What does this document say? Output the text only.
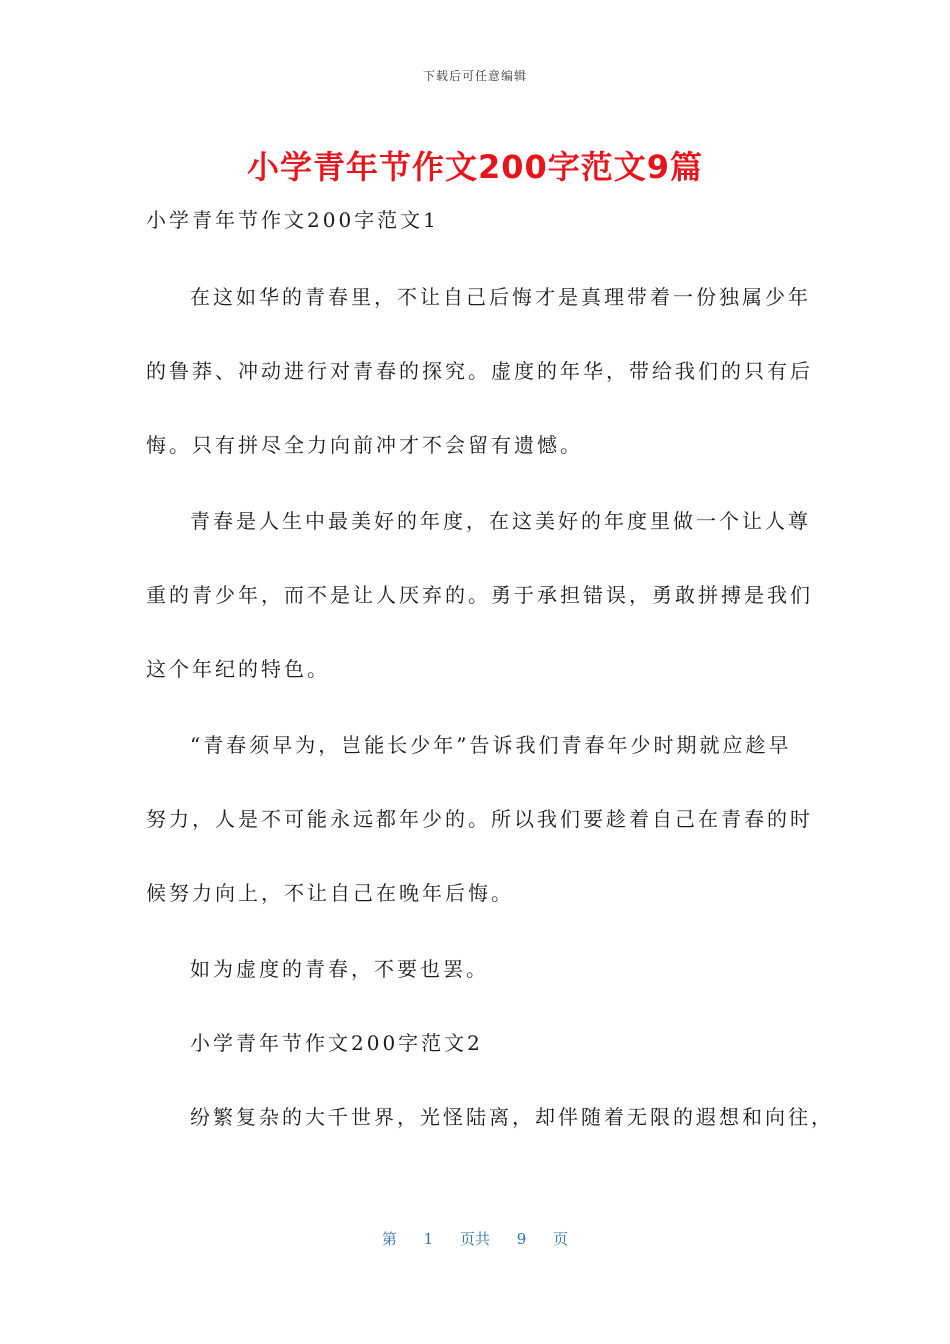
下载后可任意编辑
小学青年节作文200字范文9篇
小学青年节作文200字范文1
在这如华的青春里，不让自己后悔才是真理带着一份独属少年
的鲁莽、冲动进行对青春的探究。虚度的年华，带给我们的只有后
悔。只有拼尽全力向前冲才不会留有遗憾。
青春是人生中最美好的年度，在这美好的年度里做一个让人尊
重的青少年，而不是让人厌弃的。勇于承担错误，勇敢拼搏是我们
这个年纪的特色。
“青春须早为，岂能长少年”告诉我们青春年少时期就应趁早
努力，人是不可能永远都年少的。所以我们要趁着自己在青春的时
候努力向上，不让自己在晚年后悔。
如为虚度的青春，不要也罢。
小学青年节作文200字范文2
纷繁复杂的大千世界，光怪陆离，却伴随着无限的遐想和向往，
第 1 页共 9 页
